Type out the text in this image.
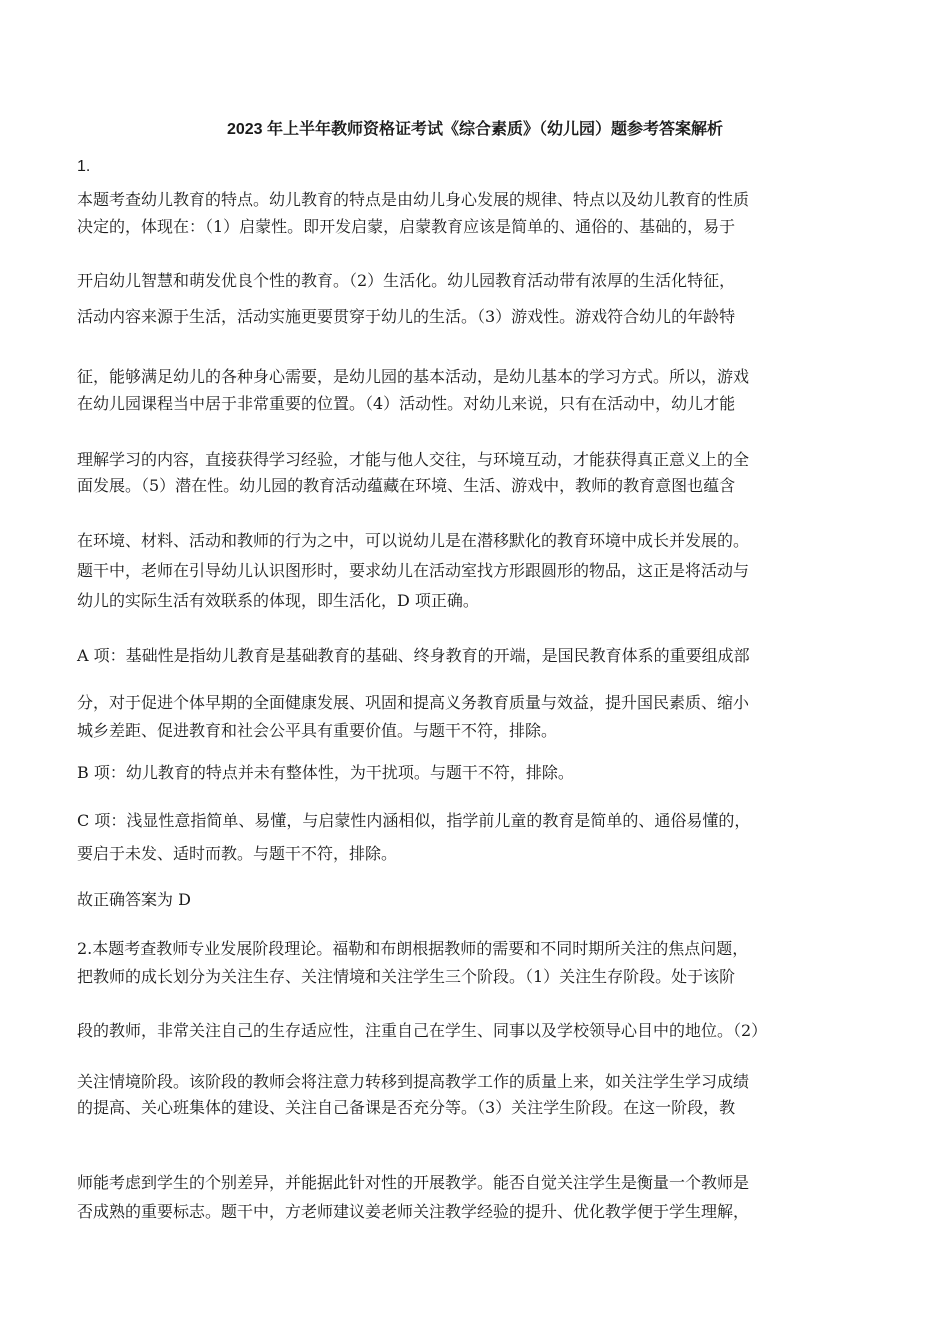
2023 年上半年教师资格证考试《综合素质》（幼儿园）题参考答案解析
1.
本题考查幼儿教育的特点。幼儿教育的特点是由幼儿身心发展的规律、特点以及幼儿教育的性质
决定的，体现在：（1）启蒙性。即开发启蒙，启蒙教育应该是简单的、通俗的、基础的，易于
开启幼儿智慧和萌发优良个性的教育。（2）生活化。幼儿园教育活动带有浓厚的生活化特征，
活动内容来源于生活，活动实施更要贯穿于幼儿的生活。（3）游戏性。游戏符合幼儿的年龄特
征，能够满足幼儿的各种身心需要，是幼儿园的基本活动，是幼儿基本的学习方式。所以，游戏
在幼儿园课程当中居于非常重要的位置。（4）活动性。对幼儿来说，只有在活动中，幼儿才能
理解学习的内容，直接获得学习经验，才能与他人交往，与环境互动，才能获得真正意义上的全
面发展。（5）潜在性。幼儿园的教育活动蕴藏在环境、生活、游戏中，教师的教育意图也蕴含
在环境、材料、活动和教师的行为之中，可以说幼儿是在潜移默化的教育环境中成长并发展的。
题干中，老师在引导幼儿认识图形时，要求幼儿在活动室找方形跟圆形的物品，这正是将活动与
幼儿的实际生活有效联系的体现，即生活化，D 项正确。
A 项：基础性是指幼儿教育是基础教育的基础、终身教育的开端，是国民教育体系的重要组成部
分，对于促进个体早期的全面健康发展、巩固和提高义务教育质量与效益，提升国民素质、缩小
城乡差距、促进教育和社会公平具有重要价值。与题干不符，排除。
B 项：幼儿教育的特点并未有整体性，为干扰项。与题干不符，排除。
C 项：浅显性意指简单、易懂，与启蒙性内涵相似，指学前儿童的教育是简单的、通俗易懂的，
要启于未发、适时而教。与题干不符，排除。
故正确答案为 D
2.本题考查教师专业发展阶段理论。福勒和布朗根据教师的需要和不同时期所关注的焦点问题，
把教师的成长划分为关注生存、关注情境和关注学生三个阶段。（1）关注生存阶段。处于该阶
段的教师，非常关注自己的生存适应性，注重自己在学生、同事以及学校领导心目中的地位。（2）
关注情境阶段。该阶段的教师会将注意力转移到提高教学工作的质量上来，如关注学生学习成绩
的提高、关心班集体的建设、关注自己备课是否充分等。（3）关注学生阶段。在这一阶段，教
师能考虑到学生的个别差异，并能据此针对性的开展教学。能否自觉关注学生是衡量一个教师是
否成熟的重要标志。题干中，方老师建议姜老师关注教学经验的提升、优化教学便于学生理解，
